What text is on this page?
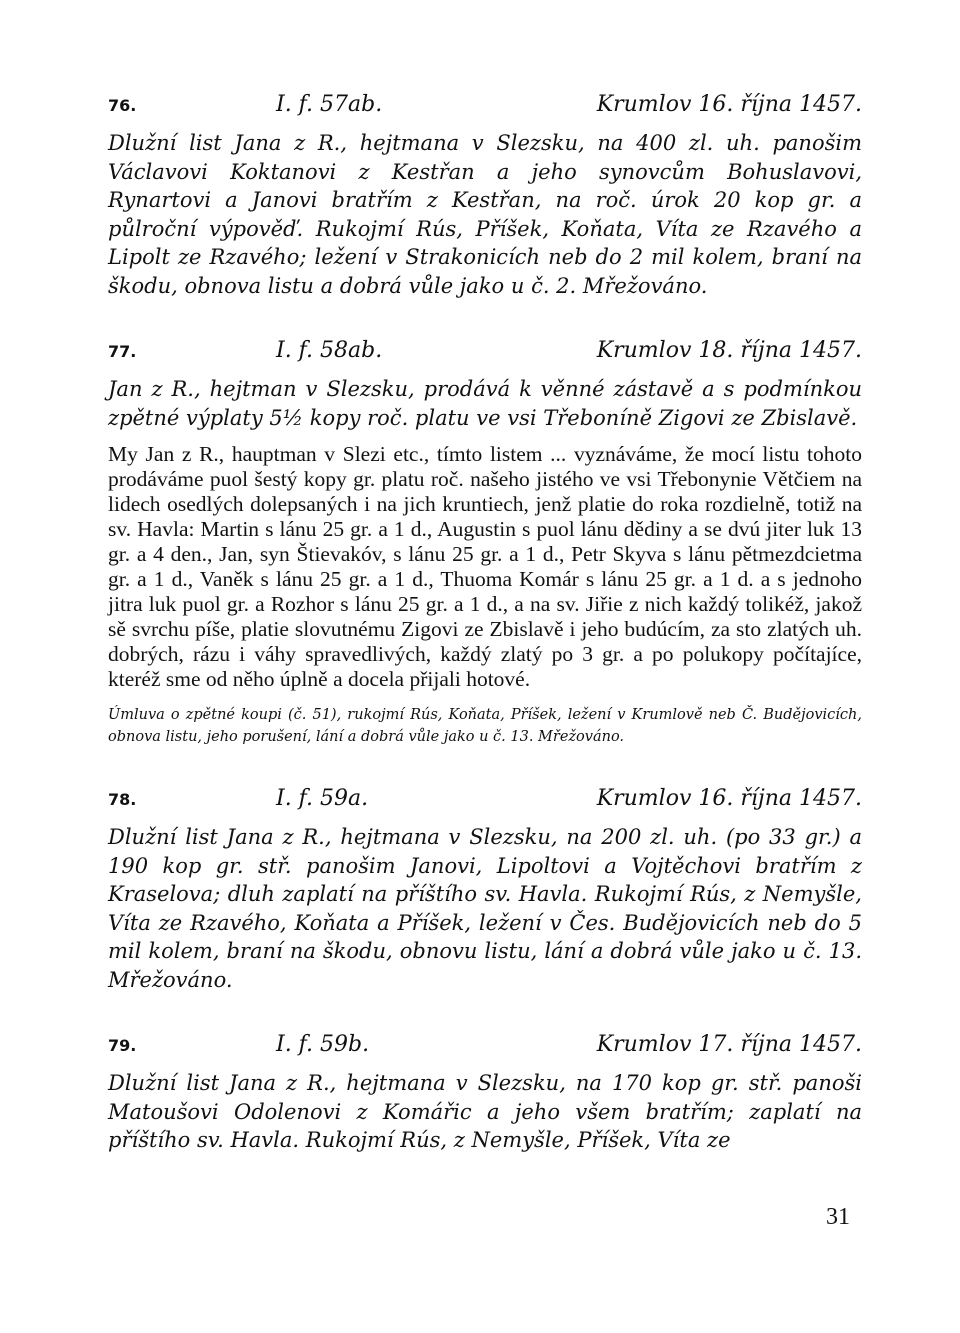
76.	I. f. 57ab.	Krumlov 16. října 1457.

Dlužní list Jana z R., hejtmana v Slezsku, na 400 zl. uh. panošim Václavovi Koktanovi z Kestřan a jeho synovcům Bohuslavovi, Rynartovi a Janovi bratřím z Kestřan, na roč. úrok 20 kop gr. a půlroční výpověď. Rukojmí Rús, Příšek, Koňata, Víta ze Rzavého a Lipolt ze Rzavého; ležení v Strakonicích neb do 2 mil kolem, braní na škodu, obnova listu a dobrá vůle jako u č. 2. Mřežováno.

77.	I. f. 58ab.	Krumlov 18. října 1457.

Jan z R., hejtman v Slezsku, prodává k věnné zástavě a s podmínkou zpětné výplaty 5½ kopy roč. platu ve vsi Třeboníně Zigovi ze Zbislavě.

My Jan z R., hauptman v Slezi etc., tímto listem ... vyznáváme, že mocí listu tohoto prodáváme puol šestý kopy gr. platu roč. našeho jistého ve vsi Třebonynie Větčiem na lidech osedlých dolepsaných i na jich kruntiech, jenž platie do roka rozdielně, totiž na sv. Havla: Martin s lánu 25 gr. a 1 d., Augustin s puol lánu dědiny a se dvú jiter luk 13 gr. a 4 den., Jan, syn Štievakóv, s lánu 25 gr. a 1 d., Petr Skyva s lánu pětmezdcietma gr. a 1 d., Vaněk s lánu 25 gr. a 1 d., Thuoma Komár s lánu 25 gr. a 1 d. a s jednoho jitra luk puol gr. a Rozhor s lánu 25 gr. a 1 d., a na sv. Jiřie z nich každý tolikéž, jakož sě svrchu píše, platie slovutnému Zigovi ze Zbislavě i jeho budúcím, za sto zlatých uh. dobrých, rázu i váhy spravedlivých, každý zlatý po 3 gr. a po polukopy počítajíce, kteréž sme od něho úplně a docela přijali hotové.

Úmluva o zpětné koupi (č. 51), rukojmí Rús, Koňata, Příšek, ležení v Krumlově neb Č. Budějovicích, obnova listu, jeho porušení, lání a dobrá vůle jako u č. 13. Mřežováno.

78.	I. f. 59a.	Krumlov 16. října 1457.

Dlužní list Jana z R., hejtmana v Slezsku, na 200 zl. uh. (po 33 gr.) a 190 kop gr. stř. panošim Janovi, Lipoltovi a Vojtěchovi bratřím z Kraselova; dluh zaplatí na příštího sv. Havla. Rukojmí Rús, z Nemyšle, Víta ze Rzavého, Koňata a Příšek, ležení v Čes. Budějovicích neb do 5 mil kolem, braní na škodu, obnovu listu, lání a dobrá vůle jako u č. 13. Mřežováno.

79.	I. f. 59b.	Krumlov 17. října 1457.

Dlužní list Jana z R., hejtmana v Slezsku, na 170 kop gr. stř. panoši Matoušovi Odolenovi z Komářic a jeho všem bratřím; zaplatí na příštího sv. Havla. Rukojmí Rús, z Nemyšle, Příšek, Víta ze

31
